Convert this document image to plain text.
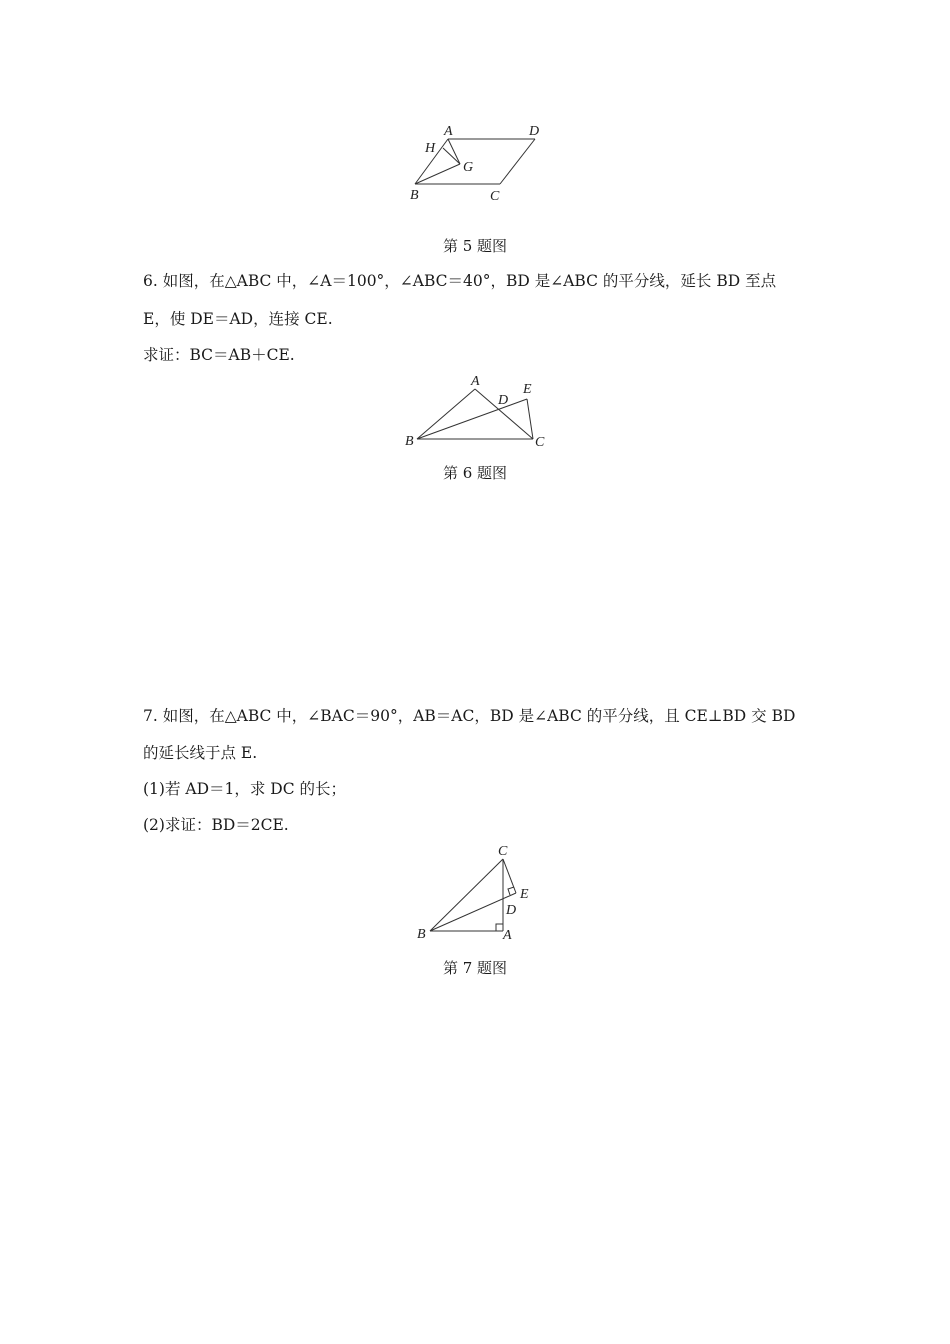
A	D
H
G
B	C
第 5 题图
6. 如图，在△ABC 中，∠A＝100°，∠ABC＝40°，BD 是∠ABC 的平分线，延长 BD 至点
E，使 DE＝AD，连接 CE.
求证：BC＝AB＋CE.
A
E
D
B	C
第 6 题图
7. 如图，在△ABC 中，∠BAC＝90°，AB＝AC，BD 是∠ABC 的平分线，且 CE⊥BD 交 BD
的延长线于点 E.
(1)若 AD＝1，求 DC 的长；
(2)求证：BD＝2CE.
C
E
D
B	A
第 7 题图
